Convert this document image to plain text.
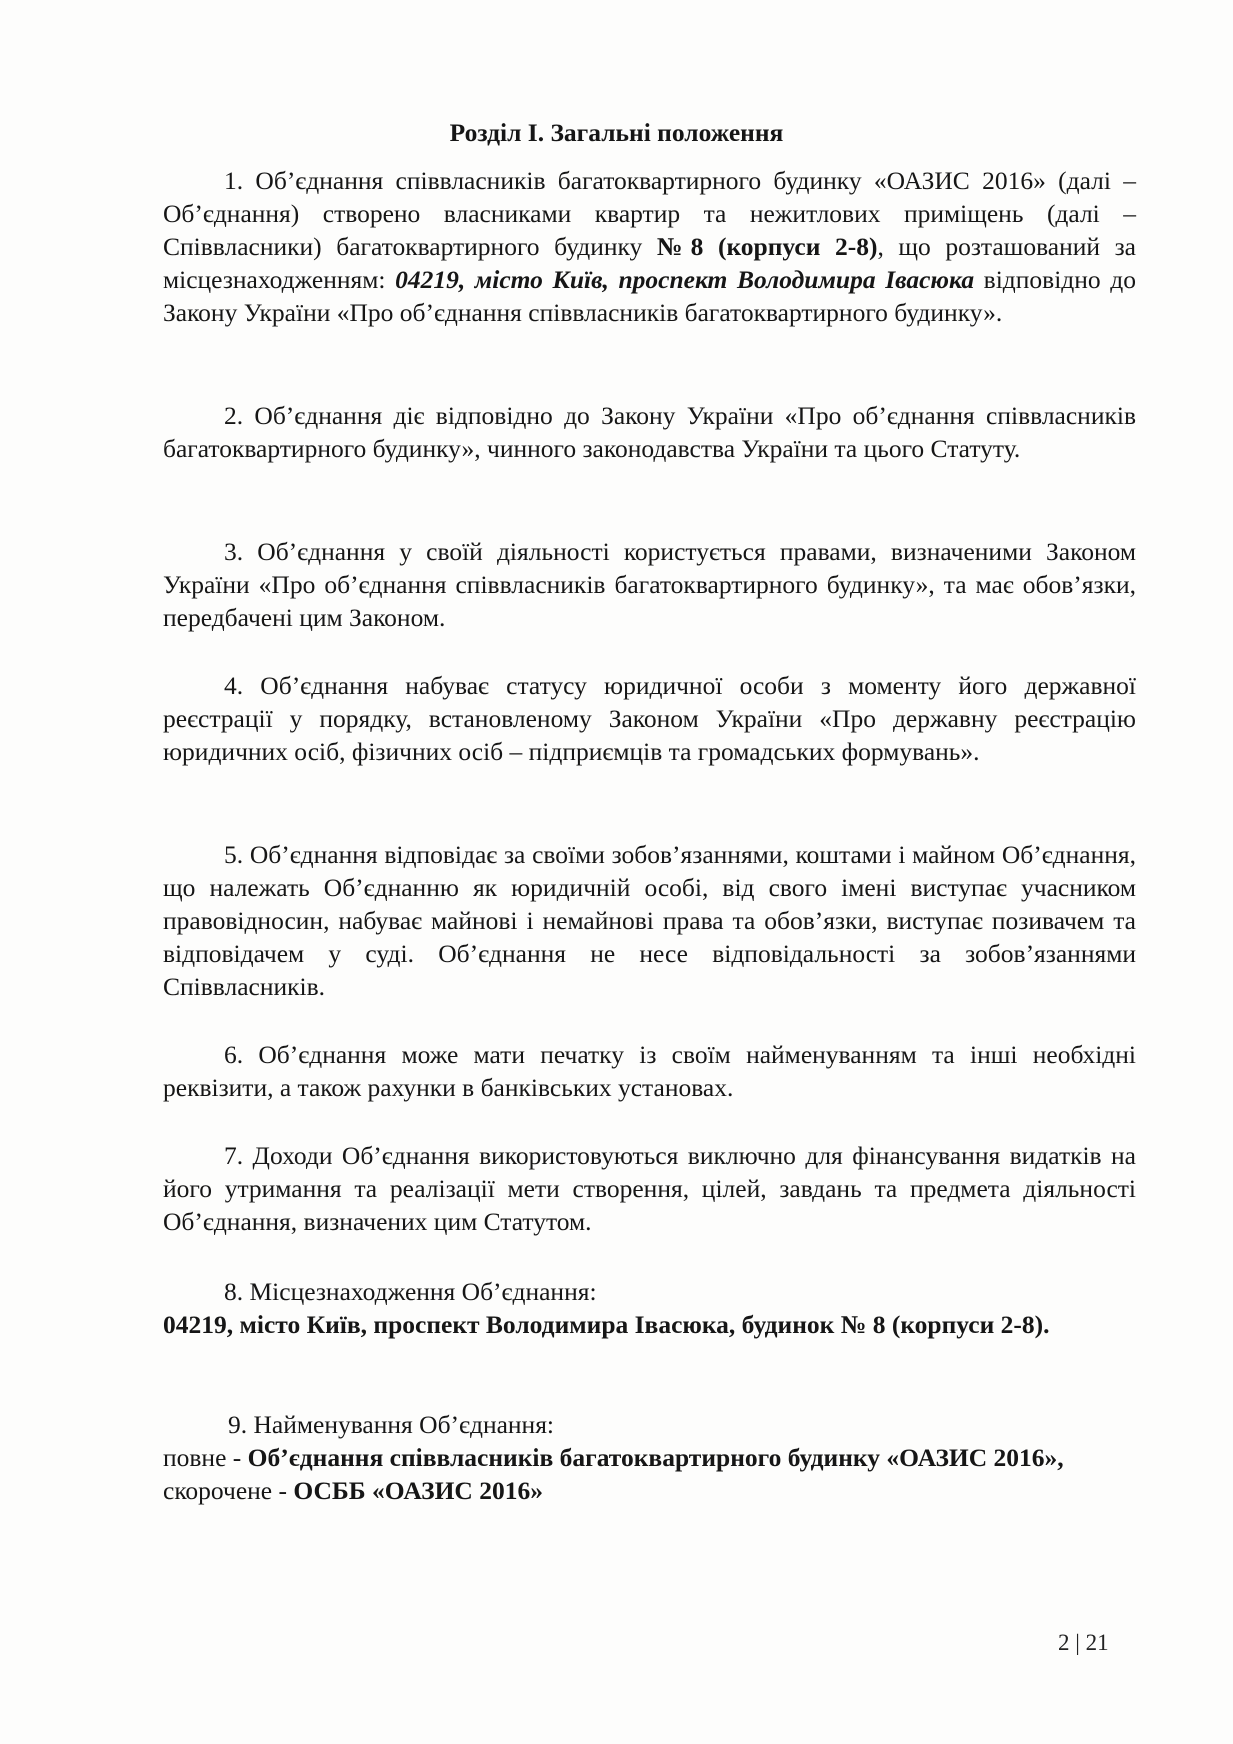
Розділ І. Загальні положення

1. Об’єднання співвласників багатоквартирного будинку «ОАЗИС 2016» (далі – Об’єднання) створено власниками квартир та нежитлових приміщень (далі – Співвласники) багатоквартирного будинку №8 (корпуси 2-8), що розташований за місцезнаходженням: 04219, місто Київ, проспект Володимира Івасюка відповідно до Закону України «Про об’єднання співвласників багатоквартирного будинку».

2. Об’єднання діє відповідно до Закону України «Про об’єднання співвласників багатоквартирного будинку», чинного законодавства України та цього Статуту.

3. Об’єднання у своїй діяльності користується правами, визначеними Законом України «Про об’єднання співвласників багатоквартирного будинку», та має обов’язки, передбачені цим Законом.

4. Об’єднання набуває статусу юридичної особи з моменту його державної реєстрації у порядку, встановленому Законом України «Про державну реєстрацію юридичних осіб, фізичних осіб – підприємців та громадських формувань».

5. Об’єднання відповідає за своїми зобов’язаннями, коштами і майном Об’єднання, що належать Об’єднанню як юридичній особі, від свого імені виступає учасником правовідносин, набуває майнові і немайнові права та обов’язки, виступає позивачем та відповідачем у суді. Об’єднання не несе відповідальності за зобов’язаннями Співвласників.

6. Об’єднання може мати печатку із своїм найменуванням та інші необхідні реквізити, а також рахунки в банківських установах.

7. Доходи Об’єднання використовуються виключно для фінансування видатків на його утримання та реалізації мети створення, цілей, завдань та предмета діяльності Об’єднання, визначених цим Статутом.

8. Місцезнаходження Об’єднання:
04219, місто Київ, проспект Володимира Івасюка, будинок № 8 (корпуси 2-8).
9. Найменування Об’єднання:
повне - Об’єднання співвласників багатоквартирного будинку «ОАЗИС 2016»,
скорочене - ОСББ «ОАЗИС 2016»
2 | 21
